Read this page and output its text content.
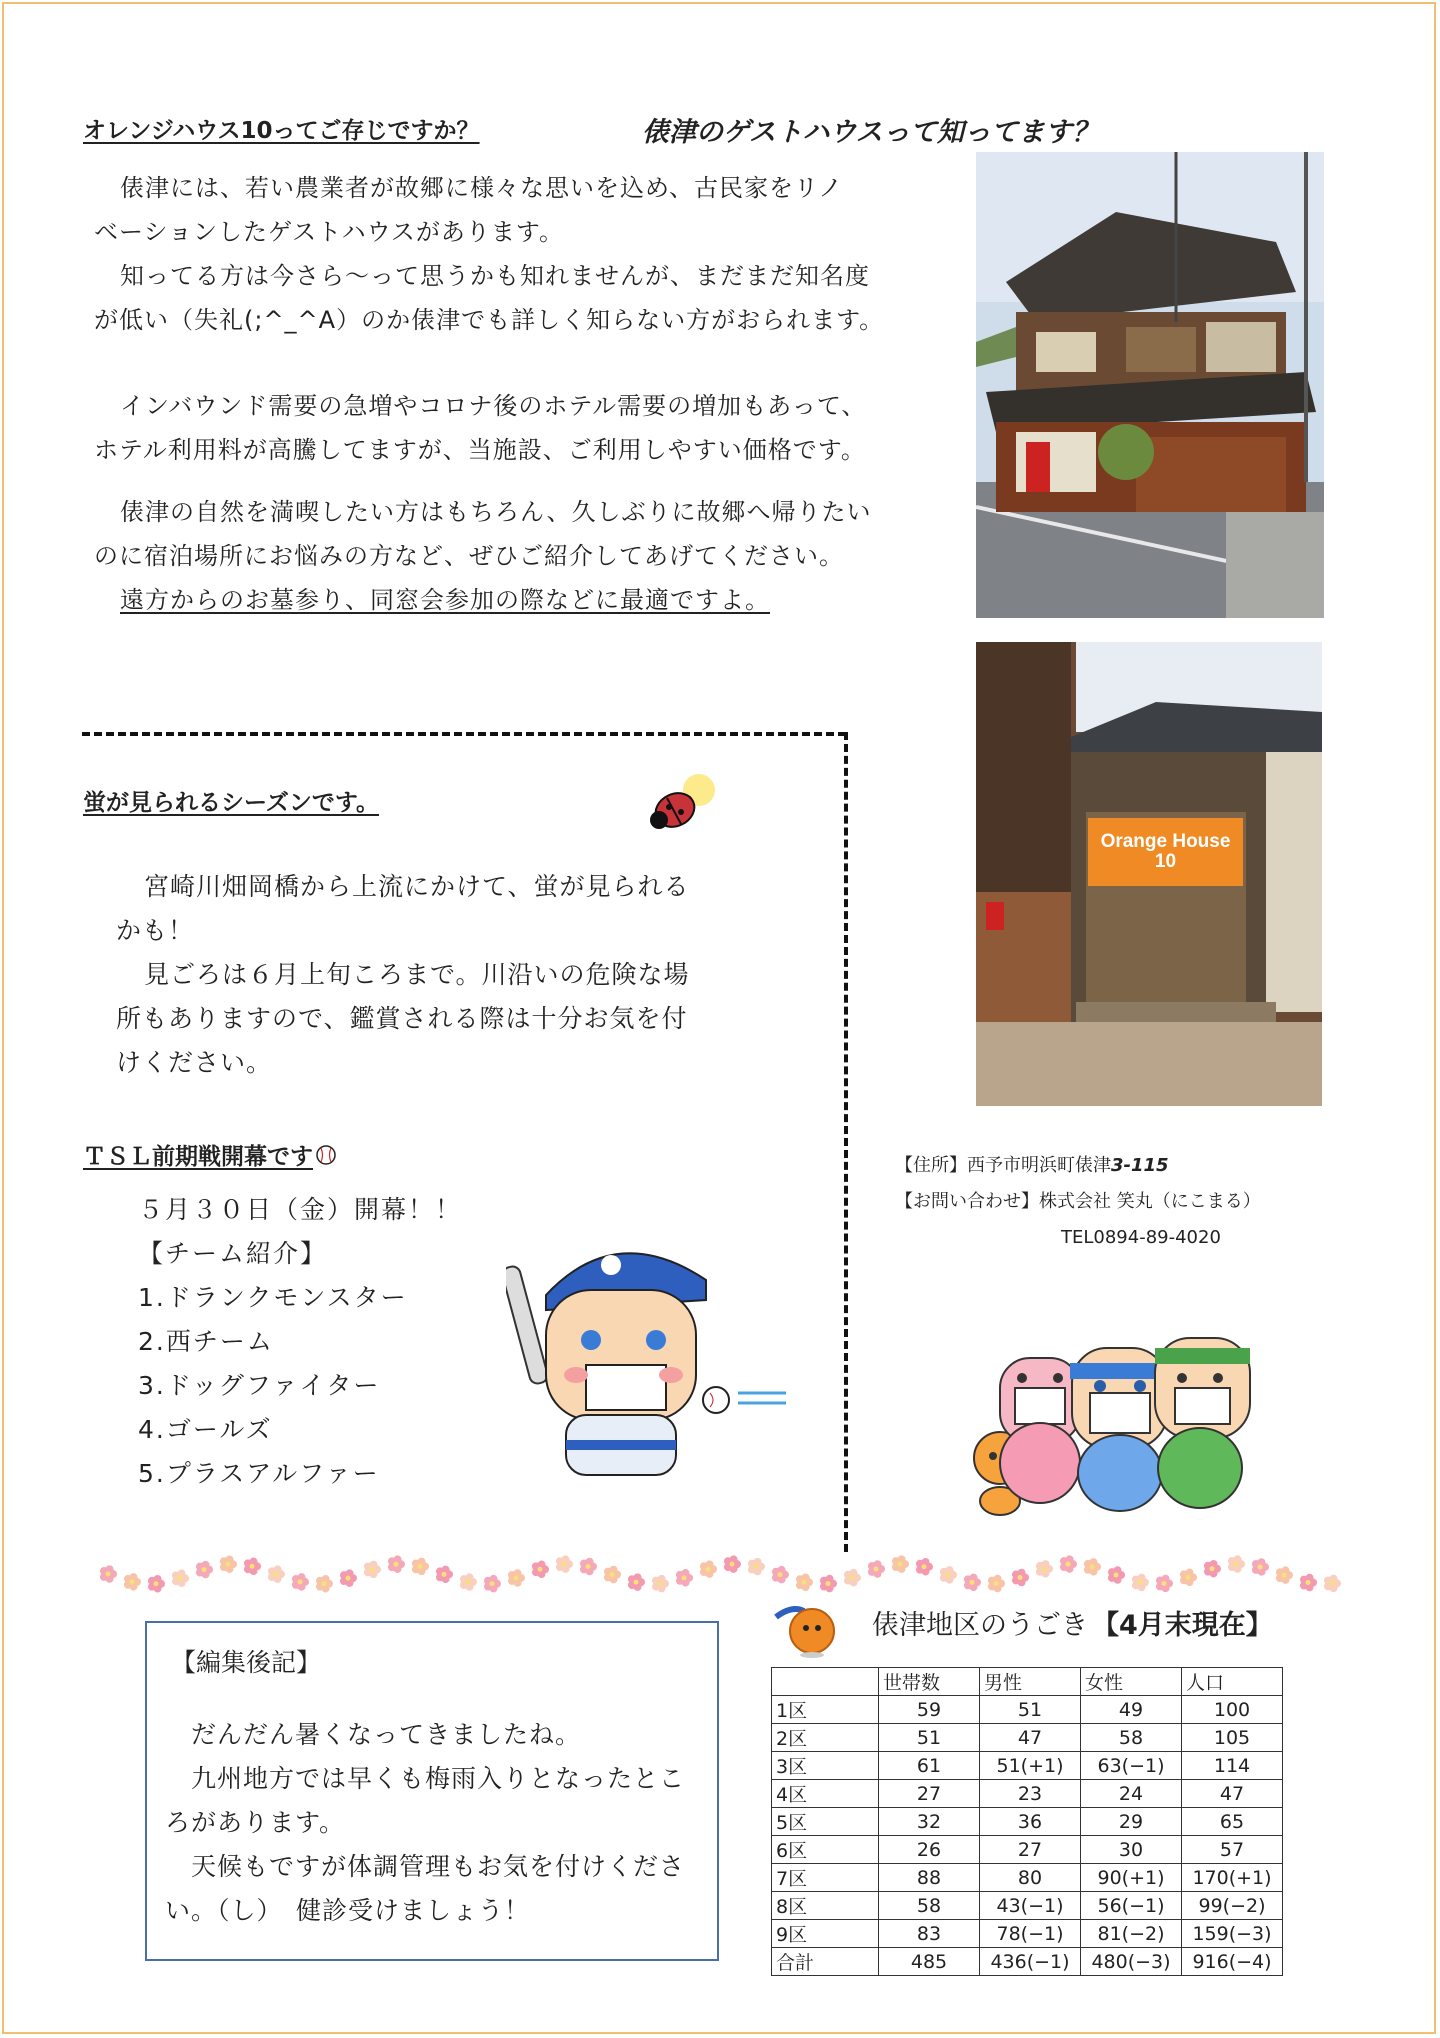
オレンジハウス10ってご存じですか？	俵津のゲストハウスって知ってます？
俵津には、若い農業者が故郷に様々な思いを込め、古民家をリノ
ベーションしたゲストハウスがあります。
知ってる方は今さら〜って思うかも知れませんが、まだまだ知名度
が低い（失礼(;^_^A）のか俵津でも詳しく知らない方がおられます。
インバウンド需要の急増やコロナ後のホテル需要の増加もあって、
ホテル利用料が高騰してますが、当施設、ご利用しやすい価格です。
俵津の自然を満喫したい方はもちろん、久しぶりに故郷へ帰りたい
のに宿泊場所にお悩みの方など、ぜひご紹介してあげてください。
遠方からのお墓参り、同窓会参加の際などに最適ですよ。
Orange House 10
【住所】西予市明浜町俵津3-115
【お問い合わせ】株式会社 笑丸（にこまる）
TEL0894-89-4020
蛍が見られるシーズンです。
宮崎川畑岡橋から上流にかけて、蛍が見られる
かも！
見ごろは６月上旬ころまで。川沿いの危険な場
所もありますので、鑑賞される際は十分お気を付
けください。
ＴＳＬ前期戦開幕です
５月３０日（金）開幕！！
【チーム紹介】
1.ドランクモンスター
2.西チーム
3.ドッグファイター
4.ゴールズ
5.プラスアルファー
【編集後記】
だんだん暑くなってきましたね。
九州地方では早くも梅雨入りとなったとこ
ろがあります。
天候もですが体調管理もお気を付けくださ
い。（し）　健診受けましょう！
俵津地区のうごき 【4月末現在】
	世帯数	男性	女性	人口
1区	59	51	49	100
2区	51	47	58	105
3区	61	51(+1)	63(−1)	114
4区	27	23	24	47
5区	32	36	29	65
6区	26	27	30	57
7区	88	80	90(+1)	170(+1)
8区	58	43(−1)	56(−1)	99(−2)
9区	83	78(−1)	81(−2)	159(−3)
合計	485	436(−1)	480(−3)	916(−4)
